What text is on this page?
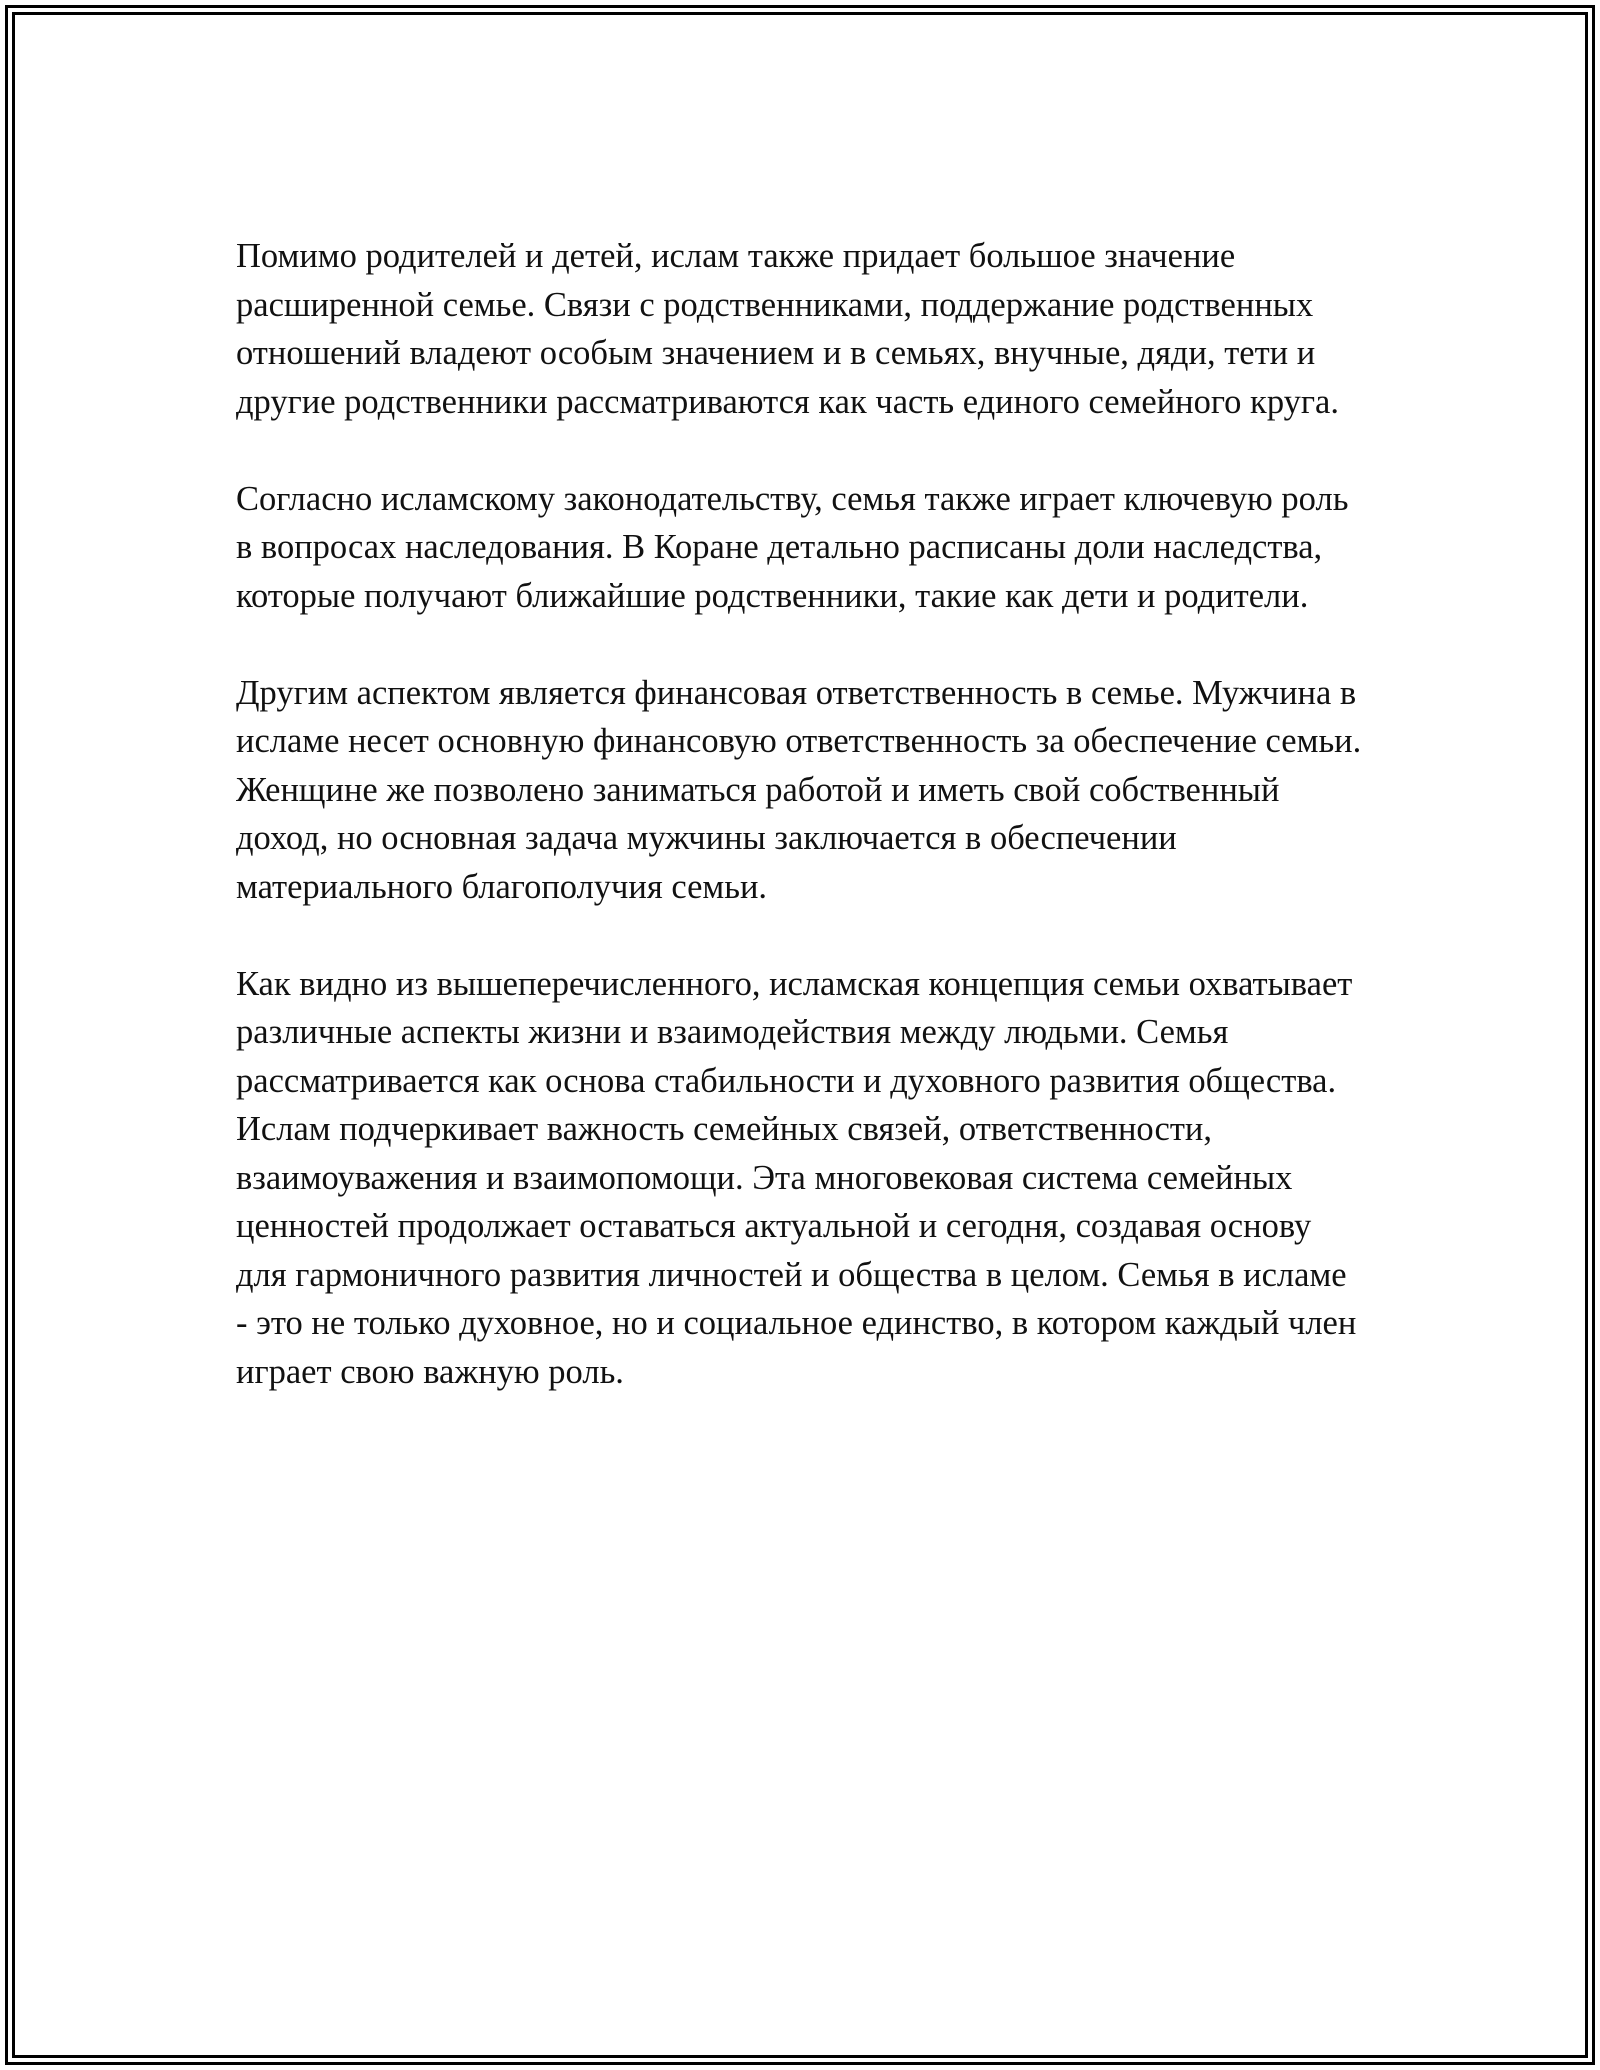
Помимо родителей и детей, ислам также придает большое значение расширенной семье. Связи с родственниками, поддержание родственных отношений владеют особым значением и в семьях, внучные, дяди, тети и другие родственники рассматриваются как часть единого семейного круга.

Согласно исламскому законодательству, семья также играет ключевую роль в вопросах наследования. В Коране детально расписаны доли наследства, которые получают ближайшие родственники, такие как дети и родители.

Другим аспектом является финансовая ответственность в семье. Мужчина в исламе несет основную финансовую ответственность за обеспечение семьи. Женщине же позволено заниматься работой и иметь свой собственный доход, но основная задача мужчины заключается в обеспечении материального благополучия семьи.

Как видно из вышеперечисленного, исламская концепция семьи охватывает различные аспекты жизни и взаимодействия между людьми. Семья рассматривается как основа стабильности и духовного развития общества. Ислам подчеркивает важность семейных связей, ответственности, взаимоуважения и взаимопомощи. Эта многовековая система семейных ценностей продолжает оставаться актуальной и сегодня, создавая основу для гармоничного развития личностей и общества в целом. Семья в исламе - это не только духовное, но и социальное единство, в котором каждый член играет свою важную роль.
